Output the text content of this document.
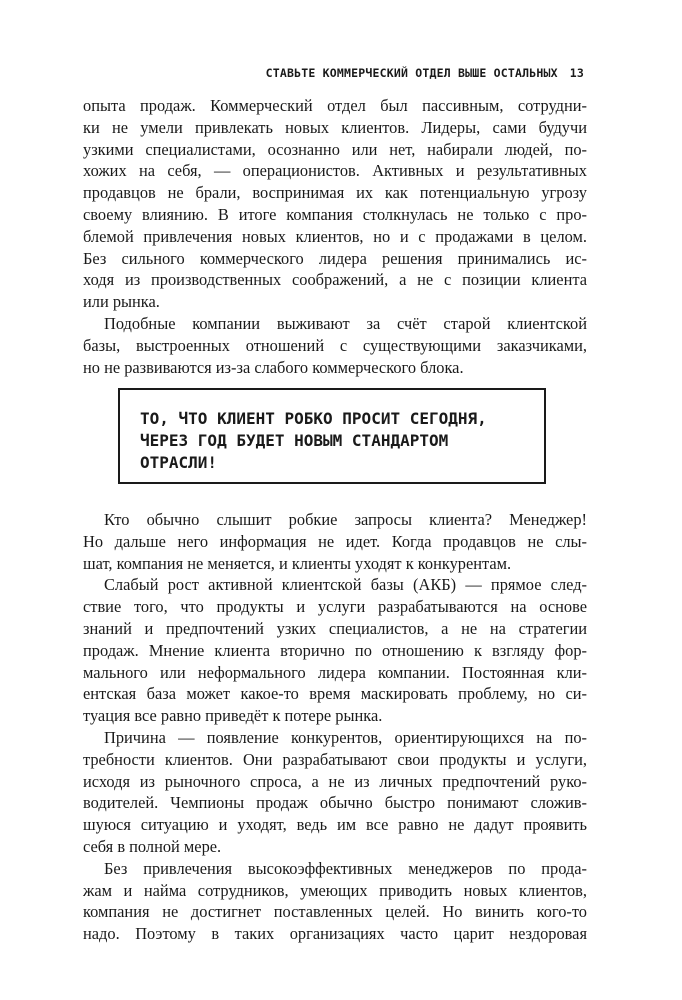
СТАВЬТЕ КОММЕРЧЕСКИЙ ОТДЕЛ ВЫШЕ ОСТАЛЬНЫХ 13
опыта продаж. Коммерческий отдел был пассивным, сотрудни-
ки не умели привлекать новых клиентов. Лидеры, сами будучи
узкими специалистами, осознанно или нет, набирали людей, по-
хожих на себя, — операционистов. Активных и результативных
продавцов не брали, воспринимая их как потенциальную угрозу
своему влиянию. В итоге компания столкнулась не только с про-
блемой привлечения новых клиентов, но и с продажами в целом.
Без сильного коммерческого лидера решения принимались ис-
ходя из производственных соображений, а не с позиции клиента
или рынка.
Подобные компании выживают за счёт старой клиентской
базы, выстроенных отношений с существующими заказчиками,
но не развиваются из-за слабого коммерческого блока.
ТО, ЧТО КЛИЕНТ РОБКО ПРОСИТ СЕГОДНЯ,
ЧЕРЕЗ ГОД БУДЕТ НОВЫМ СТАНДАРТОМ
ОТРАСЛИ!
Кто обычно слышит робкие запросы клиента? Менеджер!
Но дальше него информация не идет. Когда продавцов не слы-
шат, компания не меняется, и клиенты уходят к конкурентам.
Слабый рост активной клиентской базы (АКБ) — прямое след-
ствие того, что продукты и услуги разрабатываются на основе
знаний и предпочтений узких специалистов, а не на стратегии
продаж. Мнение клиента вторично по отношению к взгляду фор-
мального или неформального лидера компании. Постоянная кли-
ентская база может какое-то время маскировать проблему, но си-
туация все равно приведёт к потере рынка.
Причина — появление конкурентов, ориентирующихся на по-
требности клиентов. Они разрабатывают свои продукты и услуги,
исходя из рыночного спроса, а не из личных предпочтений руко-
водителей. Чемпионы продаж обычно быстро понимают сложив-
шуюся ситуацию и уходят, ведь им все равно не дадут проявить
себя в полной мере.
Без привлечения высокоэффективных менеджеров по прода-
жам и найма сотрудников, умеющих приводить новых клиентов,
компания не достигнет поставленных целей. Но винить кого-то
надо. Поэтому в таких организациях часто царит нездоровая
